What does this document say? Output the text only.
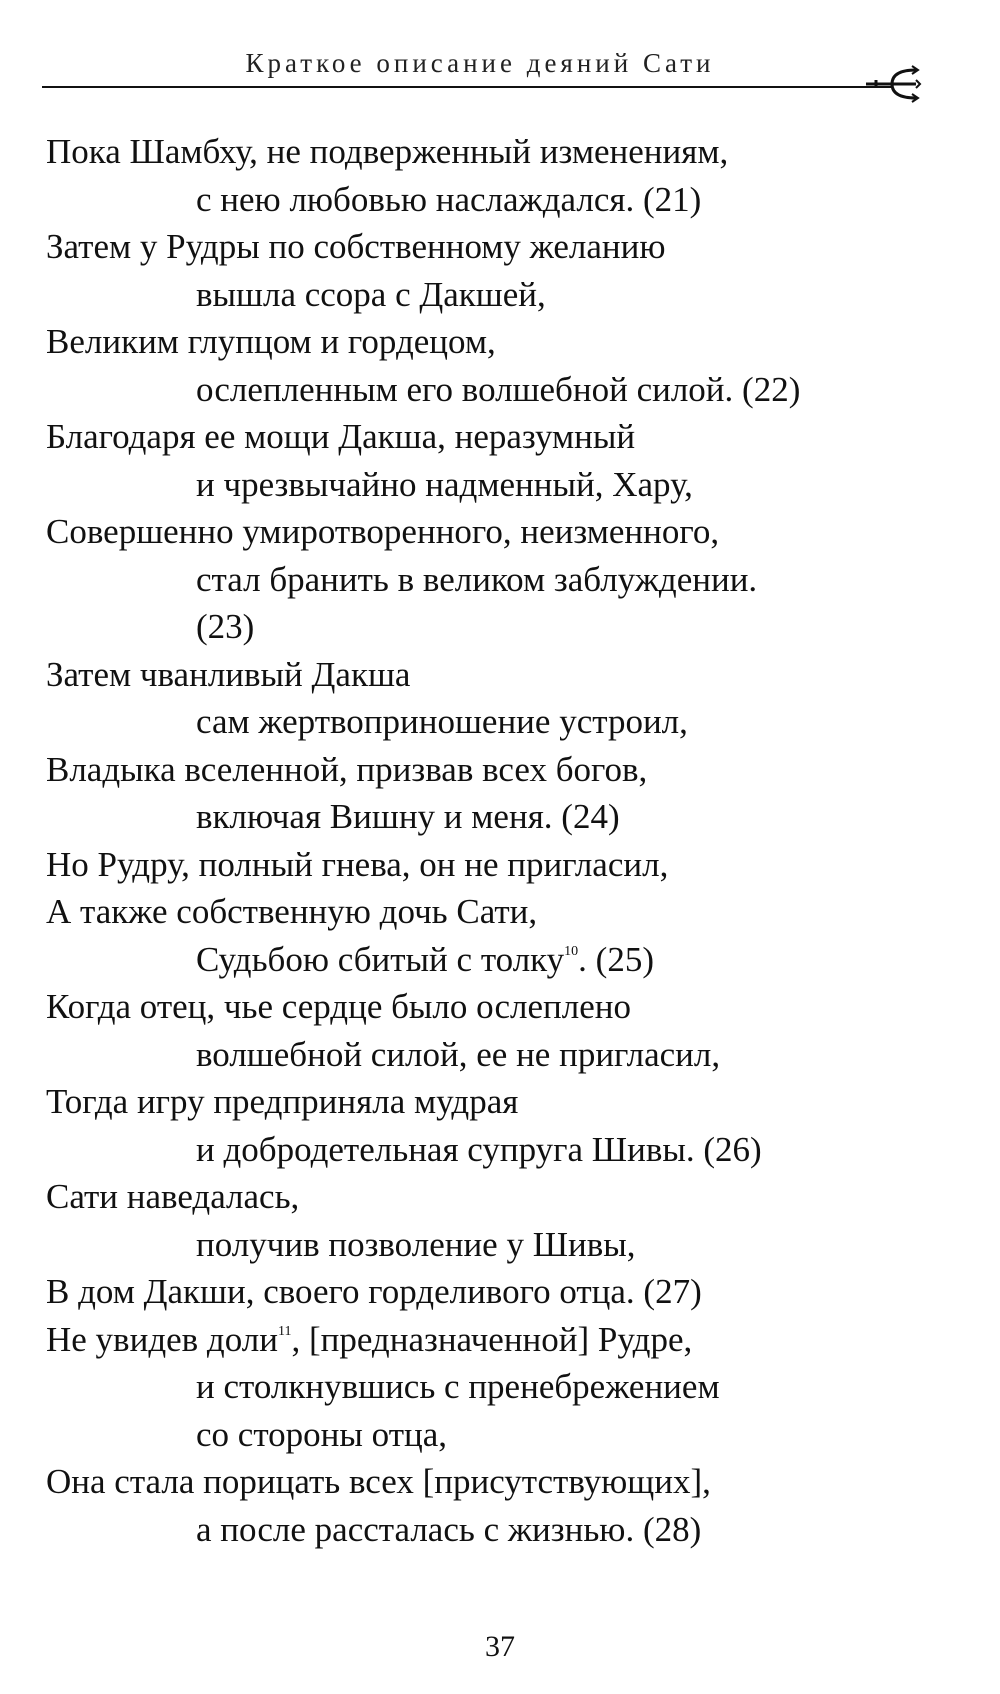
Краткое описание деяний Сати
Пока Шамбху, не подверженный изменениям,
с нею любовью наслаждался. (21)
Затем у Рудры по собственному желанию
вышла ссора с Дакшей,
Великим глупцом и гордецом,
ослепленным его волшебной силой. (22)
Благодаря ее мощи Дакша, неразумный
и чрезвычайно надменный, Хару,
Совершенно умиротворенного, неизменного,
стал бранить в великом заблуждении.
(23)
Затем чванливый Дакша
сам жертвоприношение устроил,
Владыка вселенной, призвав всех богов,
включая Вишну и меня. (24)
Но Рудру, полный гнева, он не пригласил,
А также собственную дочь Сати,
Судьбою сбитый с толку$^{10}$. (25)
Когда отец, чье сердце было ослеплено
волшебной силой, ее не пригласил,
Тогда игру предприняла мудрая
и добродетельная супруга Шивы. (26)
Сати наведалась,
получив позволение у Шивы,
В дом Дакши, своего горделивого отца. (27)
Не увидев доли$^{11}$, [предназначенной] Рудре,
и столкнувшись с пренебрежением
со стороны отца,
Она стала порицать всех [присутствующих],
а после рассталась с жизнью. (28)
37
